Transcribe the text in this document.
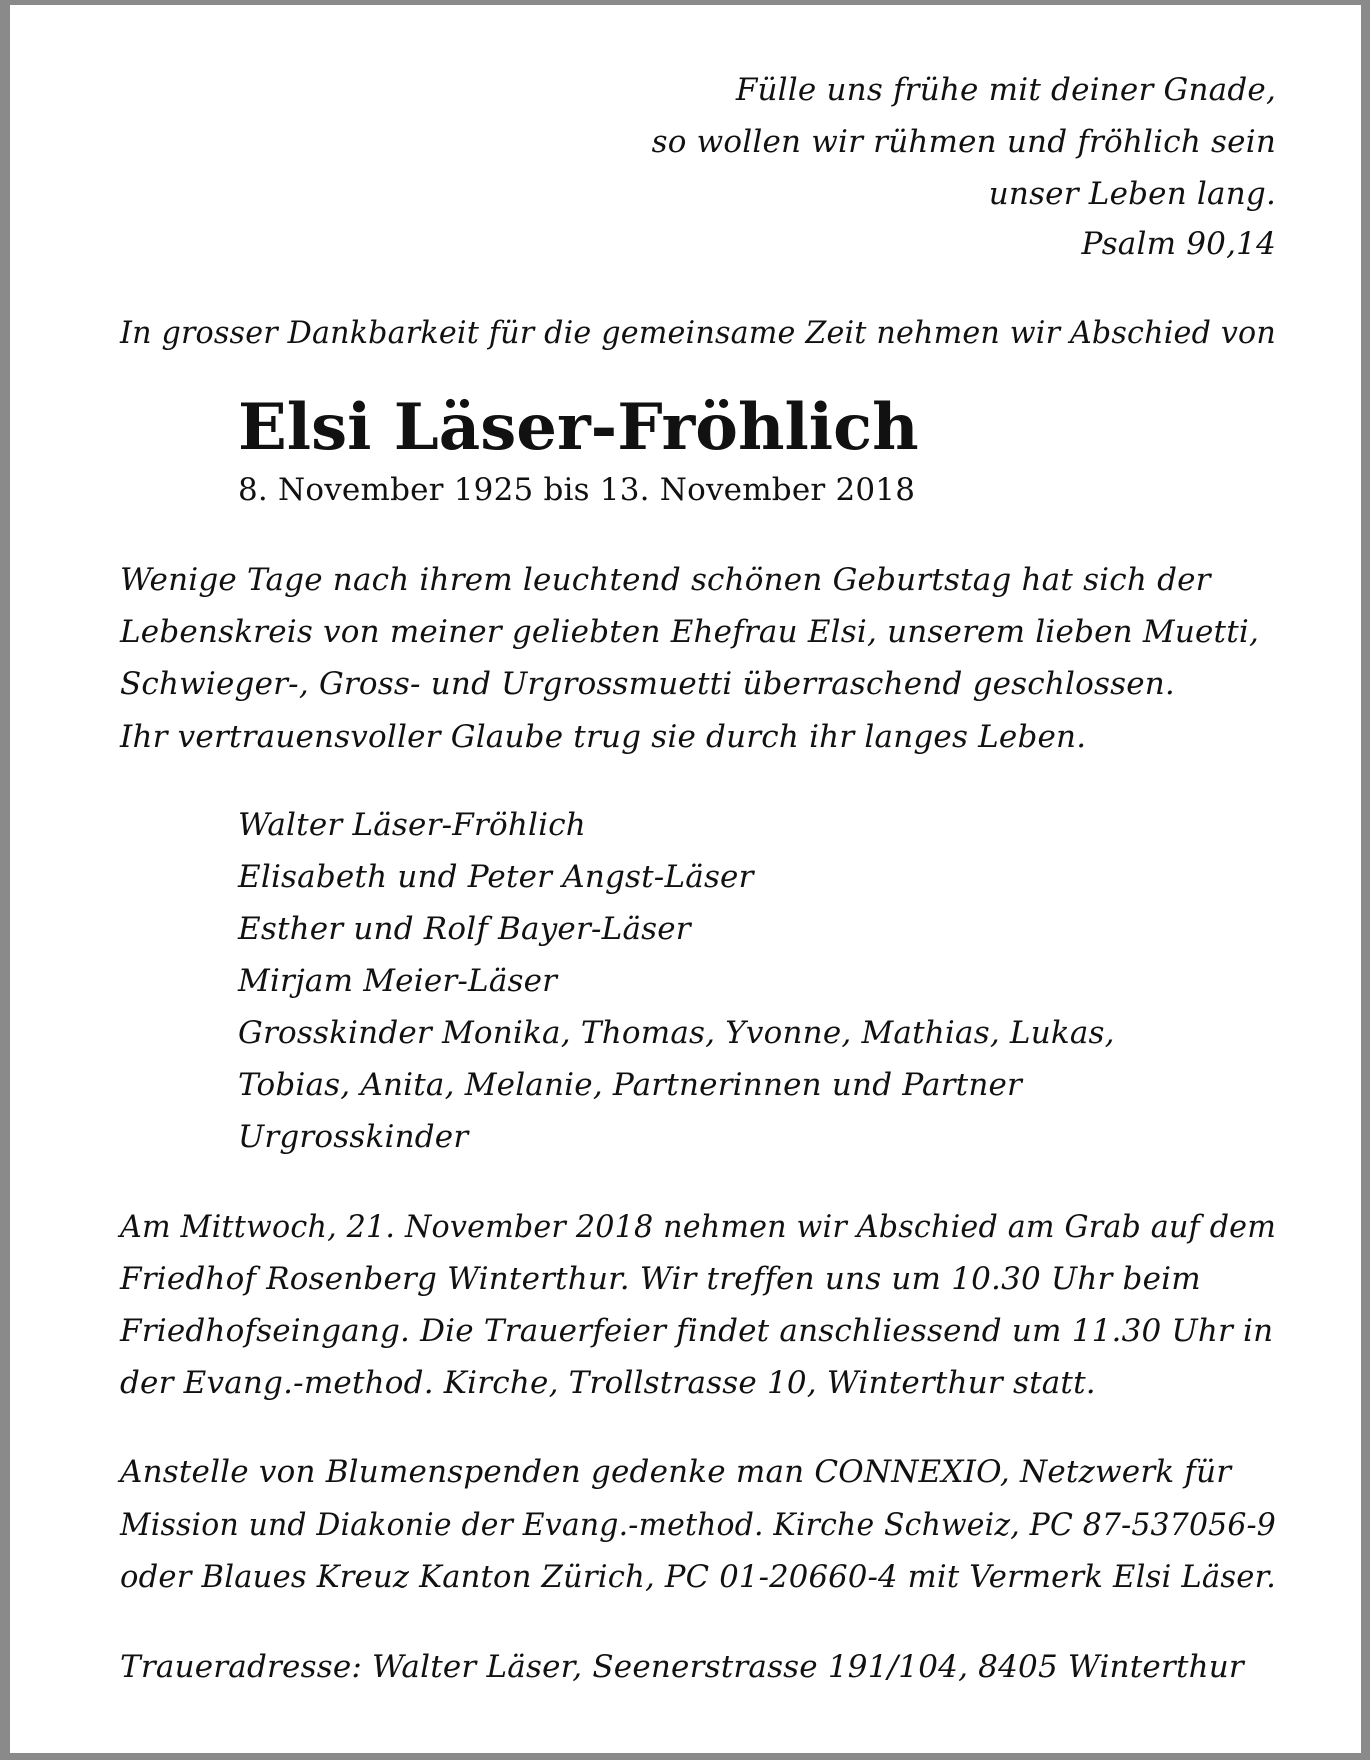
Fülle uns frühe mit deiner Gnade,
so wollen wir rühmen und fröhlich sein
unser Leben lang.
Psalm 90,14
In grosser Dankbarkeit für die gemeinsame Zeit nehmen wir Abschied von
Elsi Läser-Fröhlich
8. November 1925 bis 13. November 2018
Wenige Tage nach ihrem leuchtend schönen Geburtstag hat sich der
Lebenskreis von meiner geliebten Ehefrau Elsi, unserem lieben Muetti,
Schwieger-, Gross- und Urgrossmuetti überraschend geschlossen.
Ihr vertrauensvoller Glaube trug sie durch ihr langes Leben.
Walter Läser-Fröhlich
Elisabeth und Peter Angst-Läser
Esther und Rolf Bayer-Läser
Mirjam Meier-Läser
Grosskinder Monika, Thomas, Yvonne, Mathias, Lukas,
Tobias, Anita, Melanie, Partnerinnen und Partner
Urgrosskinder
Am Mittwoch, 21. November 2018 nehmen wir Abschied am Grab auf dem
Friedhof Rosenberg Winterthur. Wir treffen uns um 10.30 Uhr beim
Friedhofseingang. Die Trauerfeier findet anschliessend um 11.30 Uhr in
der Evang.-method. Kirche, Trollstrasse 10, Winterthur statt.
Anstelle von Blumenspenden gedenke man CONNEXIO, Netzwerk für
Mission und Diakonie der Evang.-method. Kirche Schweiz, PC 87-537056-9
oder Blaues Kreuz Kanton Zürich, PC 01-20660-4 mit Vermerk Elsi Läser.
Traueradresse: Walter Läser, Seenerstrasse 191/104, 8405 Winterthur
